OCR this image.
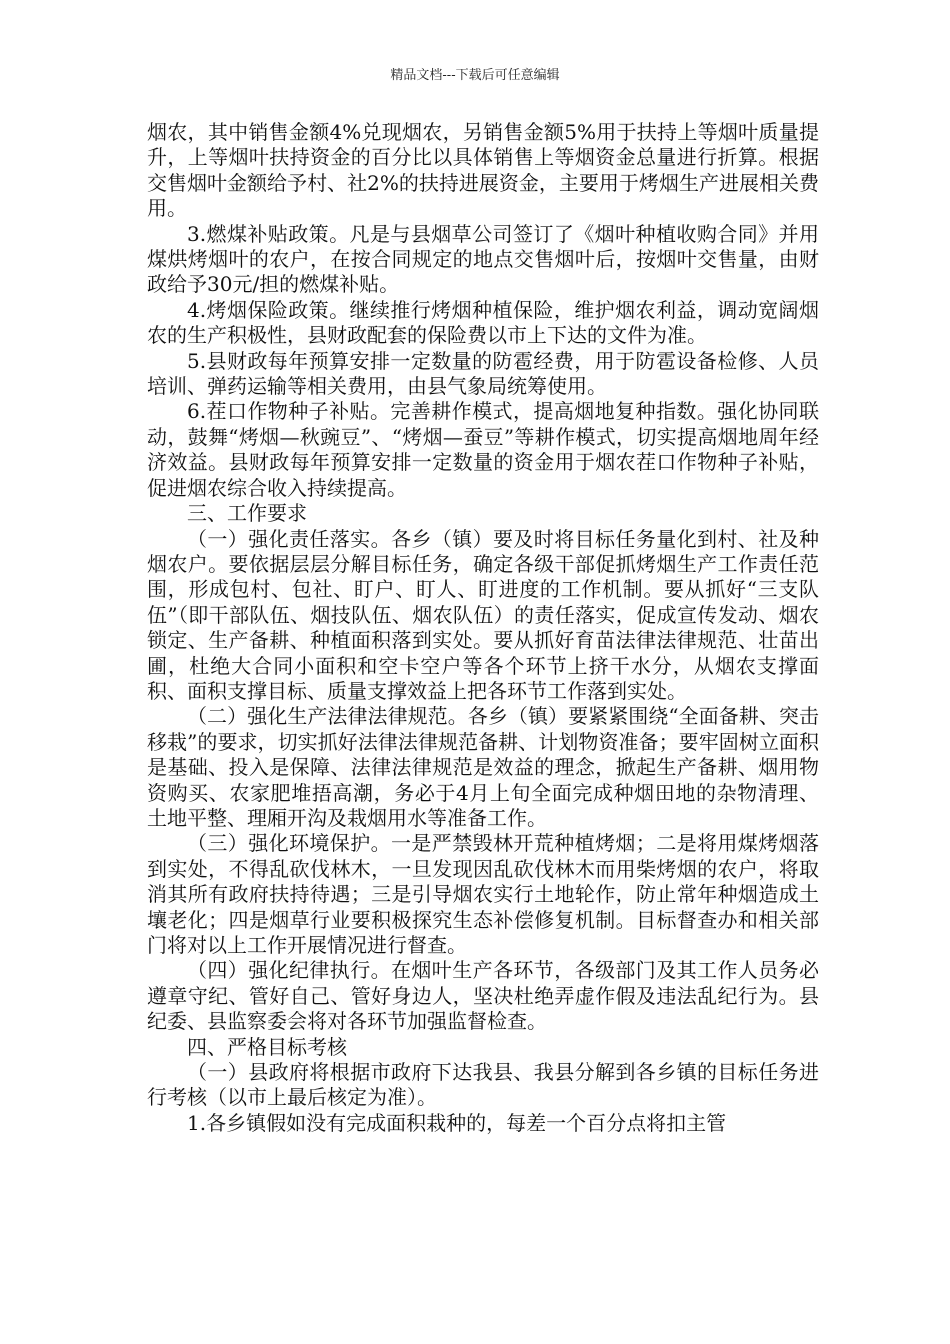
精品文档---下载后可任意编辑

烟农，其中销售金额4%兑现烟农，另销售金额5%用于扶持上等烟叶质量提升，上等烟叶扶持资金的百分比以具体销售上等烟资金总量进行折算。根据交售烟叶金额给予村、社2%的扶持进展资金，主要用于烤烟生产进展相关费用。

3.燃煤补贴政策。凡是与县烟草公司签订了《烟叶种植收购合同》并用煤烘烤烟叶的农户，在按合同规定的地点交售烟叶后，按烟叶交售量，由财政给予30元/担的燃煤补贴。

4.烤烟保险政策。继续推行烤烟种植保险，维护烟农利益，调动宽阔烟农的生产积极性，县财政配套的保险费以市上下达的文件为准。

5.县财政每年预算安排一定数量的防雹经费，用于防雹设备检修、人员培训、弹药运输等相关费用，由县气象局统筹使用。

6.茬口作物种子补贴。完善耕作模式，提高烟地复种指数。强化协同联动，鼓舞“烤烟—秋豌豆”、“烤烟—蚕豆”等耕作模式，切实提高烟地周年经济效益。县财政每年预算安排一定数量的资金用于烟农茬口作物种子补贴，促进烟农综合收入持续提高。

三、工作要求

（一）强化责任落实。各乡（镇）要及时将目标任务量化到村、社及种烟农户。要依据层层分解目标任务，确定各级干部促抓烤烟生产工作责任范围，形成包村、包社、盯户、盯人、盯进度的工作机制。要从抓好“三支队伍”（即干部队伍、烟技队伍、烟农队伍）的责任落实，促成宣传发动、烟农锁定、生产备耕、种植面积落到实处。要从抓好育苗法律法律规范、壮苗出圃，杜绝大合同小面积和空卡空户等各个环节上挤干水分，从烟农支撑面积、面积支撑目标、质量支撑效益上把各环节工作落到实处。

（二）强化生产法律法律规范。各乡（镇）要紧紧围绕“全面备耕、突击移栽”的要求，切实抓好法律法律规范备耕、计划物资准备；要牢固树立面积是基础、投入是保障、法律法律规范是效益的理念，掀起生产备耕、烟用物资购买、农家肥堆捂高潮，务必于4月上旬全面完成种烟田地的杂物清理、土地平整、理厢开沟及栽烟用水等准备工作。

（三）强化环境保护。一是严禁毁林开荒种植烤烟；二是将用煤烤烟落到实处，不得乱砍伐林木，一旦发现因乱砍伐林木而用柴烤烟的农户，将取消其所有政府扶持待遇；三是引导烟农实行土地轮作，防止常年种烟造成土壤老化；四是烟草行业要积极探究生态补偿修复机制。目标督查办和相关部门将对以上工作开展情况进行督查。

（四）强化纪律执行。在烟叶生产各环节，各级部门及其工作人员务必遵章守纪、管好自己、管好身边人，坚决杜绝弄虚作假及违法乱纪行为。县纪委、县监察委会将对各环节加强监督检查。

四、严格目标考核

（一）县政府将根据市政府下达我县、我县分解到各乡镇的目标任务进行考核（以市上最后核定为准）。

1.各乡镇假如没有完成面积栽种的，每差一个百分点将扣主管
